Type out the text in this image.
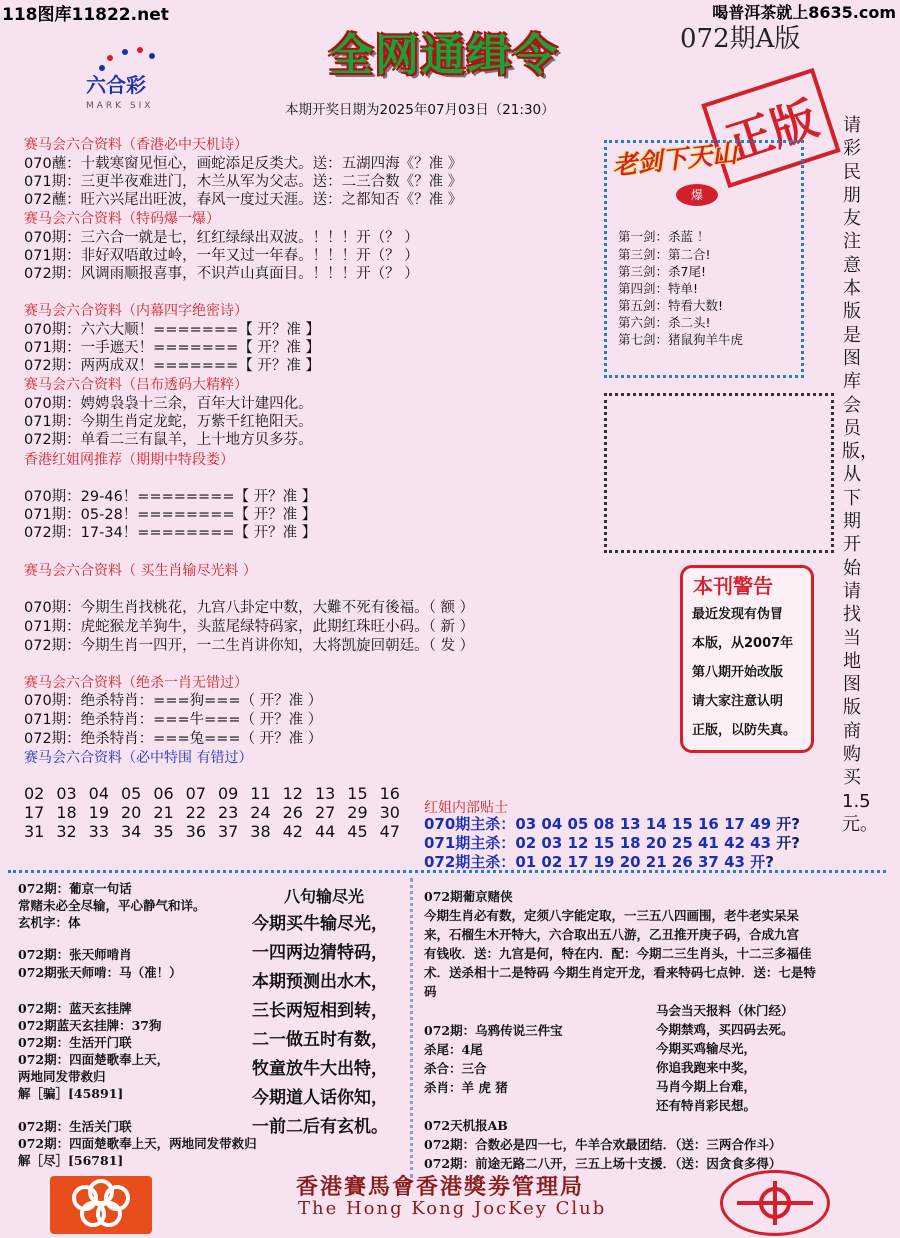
118图库11822.net	喝普洱茶就上8635.com
072期A版
六合彩
MARK SIX
全网通缉令
本期开奖日期为2025年07月03日（21:30）	正版
老剑下天山
爆
第一剑：杀蓝 ！
第三剑：第二合!
第三剑：杀7尾!
第四剑：特单!
第五剑：特看大数!
第六剑：杀二头!
第七剑：猪鼠狗羊牛虎
请彩民朋友注意本版是图库会员版，从下期开始请找当地图版商购买1.5元。
本刊警告
最近发现有伪冒
本版，从2007年
第八期开始改版
请大家注意认明
正版，以防失真。
赛马会六合资料（香港必中天机诗）
070蘸：十载寒窗见恒心，画蛇添足反类犬。送：五湖四海《？准 》
071期：三更半夜难进门，木兰从军为父志。送：二三合数《？准 》
072蘸：旺六兴尾出旺波，春风一度过天涯。送：之都知否《？准 》
赛马会六合资料（特码爆一爆）
070期：三六合一就是七，红红绿绿出双波。！！！开（？ ）
071期：非好双唔敢过岭，一年又过一年春。！！！开（？ ）
072期：风调雨顺报喜事，不识芦山真面目。！！！开（？ ）
赛马会六合资料（内幕四字绝密诗）
070期：六六大顺！=======【 开？准 】
071期：一手遮天！=======【 开？准 】
072期：两两成双！=======【 开？准 】
赛马会六合资料（吕布透码大精粹）
070期：娉娉袅袅十三余，百年大计建四化。
071期：今期生肖定龙蛇，万紫千红艳阳天。
072期：单看二三有鼠羊，上十地方贝多芬。
香港红姐网推荐（期期中特段娄）
070期：29-46！========【 开？准 】
071期：05-28！========【 开？准 】
072期：17-34！========【 开？准 】
赛马会六合资料（ 买生肖输尽光料 ）
070期：今期生肖找桃花，九宫八卦定中数，大難不死有後福。（ 额 ）
071期：虎蛇猴龙羊狗牛，头蓝尾绿特码家，此期红珠旺小码。（ 新 ）
072期：今期生肖一四开，一二生肖讲你知，大将凯旋回朝廷。（ 发 ）
赛马会六合资料（绝杀一肖无错过）
070期：绝杀特肖：===狗===（ 开？准 ）
071期：绝杀特肖：===牛===（ 开？准 ）
072期：绝杀特肖：===兔===（ 开？准 ）
赛马会六合资料（必中特围 有错过）
02 03 04 05 06 07 09 11 12 13 15 16
17 18 19 20 21 22 23 24 26 27 29 30
31 32 33 34 35 36 37 38 42 44 45 47
红姐内部贴士
070期主杀：03 04 05 08 13 14 15 16 17 49 开?
071期主杀：02 03 12 15 18 20 25 41 42 43 开?
072期主杀：01 02 17 19 20 21 26 37 43 开?
072期：葡京一句话
常赌未必全尽输，平心静气和详。
玄机字：体
072期：张天师啃肖
072期张天师啃：马（准！）
072期：蓝天玄挂牌
072期蓝天玄挂牌：37狗
072期：生活开门联
072期：四面楚歌奉上天，
两地同发带救归
解［骗］[45891]
072期：生活关门联
072期：四面楚歌奉上天，两地同发带救归
解［尽］[56781]
八句输尽光
今期买牛输尽光，
一四两边猜特码，
本期预测出水木，
三长两短相到转，
二一做五时有数，
牧童放牛大出特，
今期道人话你知，
一前二后有玄机。
072期葡京赌侠
今期生肖必有数，定须八字能定取，一三五八四画围，老牛老实呆呆
来，石榴生木开特大，六合取出五八游，乙丑推开庚子码，合成九宫
有钱收．送：九宫是何，特在内．配：今期二三生肖头，十二三多福佳
术．送杀相十二是特码 今期生肖定开龙，看来特码七点钟．送：七是特
码
072期：乌鸦传说三件宝
杀尾：4尾
杀合：三合
杀肖：羊 虎 猪
马会当天报料（休门经）
今期禁鸡，买四码去死。
今期买鸡输尽光，
你追我跑来中奖，
马肖今期上台难，
还有特肖彩民想。
072天机报AB
072期：合数必是四一七，牛羊合欢最团结．（送：三两合作斗）
072期：前途无路二八开，三五上场十支援．（送：因贪食多得）
香港賽馬會香港獎劵管理局
The Hong Kong JocKey Club
